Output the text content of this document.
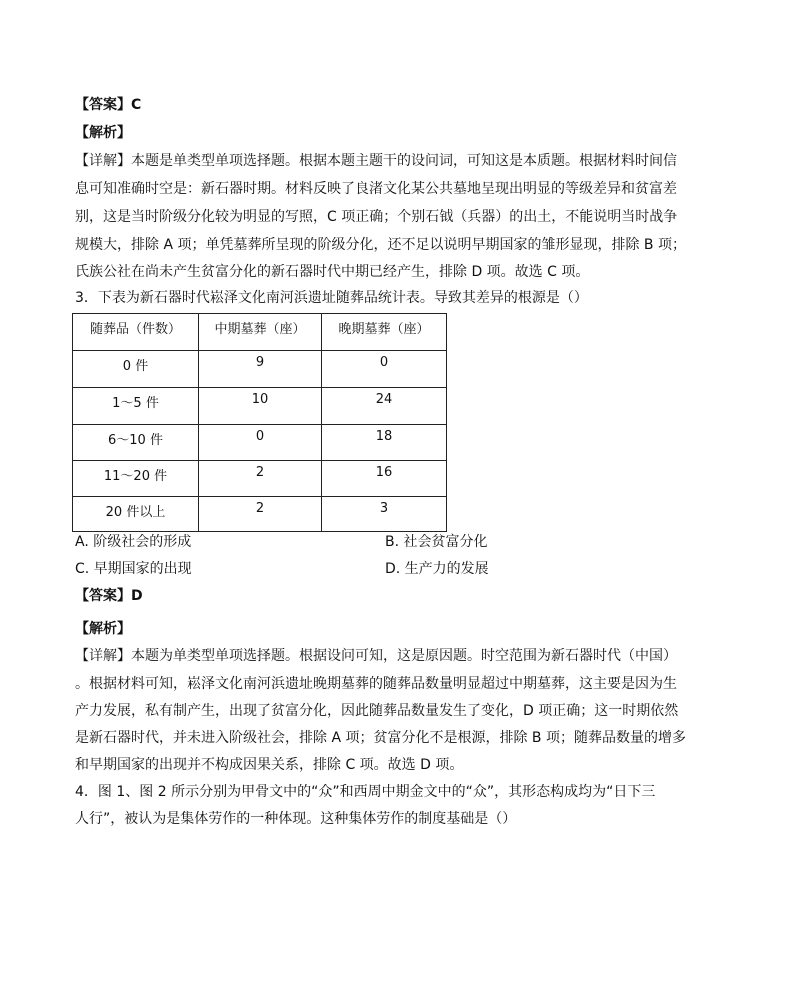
【答案】C
【解析】
【详解】本题是单类型单项选择题。根据本题主题干的设问词，可知这是本质题。根据材料时间信
息可知准确时空是：新石器时期。材料反映了良渚文化某公共墓地呈现出明显的等级差异和贫富差
别，这是当时阶级分化较为明显的写照，C 项正确；个别石钺（兵器）的出土，不能说明当时战争
规模大，排除 A 项；单凭墓葬所呈现的阶级分化，还不足以说明早期国家的雏形显现，排除 B 项；
氏族公社在尚未产生贫富分化的新石器时代中期已经产生，排除 D 项。故选 C 项。
3．下表为新石器时代崧泽文化南河浜遗址随葬品统计表。导致其差异的根源是（）
随葬品（件数）	中期墓葬（座）	晚期墓葬（座）

0 件	9	0

1～5 件	10	24

6～10 件	0	18

11～20 件	2	16

20 件以上	2	3
A. 阶级社会的形成	B. 社会贫富分化
C. 早期国家的出现	D. 生产力的发展
【答案】D
【解析】
【详解】本题为单类型单项选择题。根据设问可知，这是原因题。时空范围为新石器时代（中国）
。根据材料可知，崧泽文化南河浜遗址晚期墓葬的随葬品数量明显超过中期墓葬，这主要是因为生
产力发展，私有制产生，出现了贫富分化，因此随葬品数量发生了变化，D 项正确；这一时期依然
是新石器时代，并未进入阶级社会，排除 A 项；贫富分化不是根源，排除 B 项；随葬品数量的增多
和早期国家的出现并不构成因果关系，排除 C 项。故选 D 项。
4．图 1、图 2 所示分别为甲骨文中的“众”和西周中期金文中的“众”，其形态构成均为“日下三
人行”，被认为是集体劳作的一种体现。这种集体劳作的制度基础是（）
